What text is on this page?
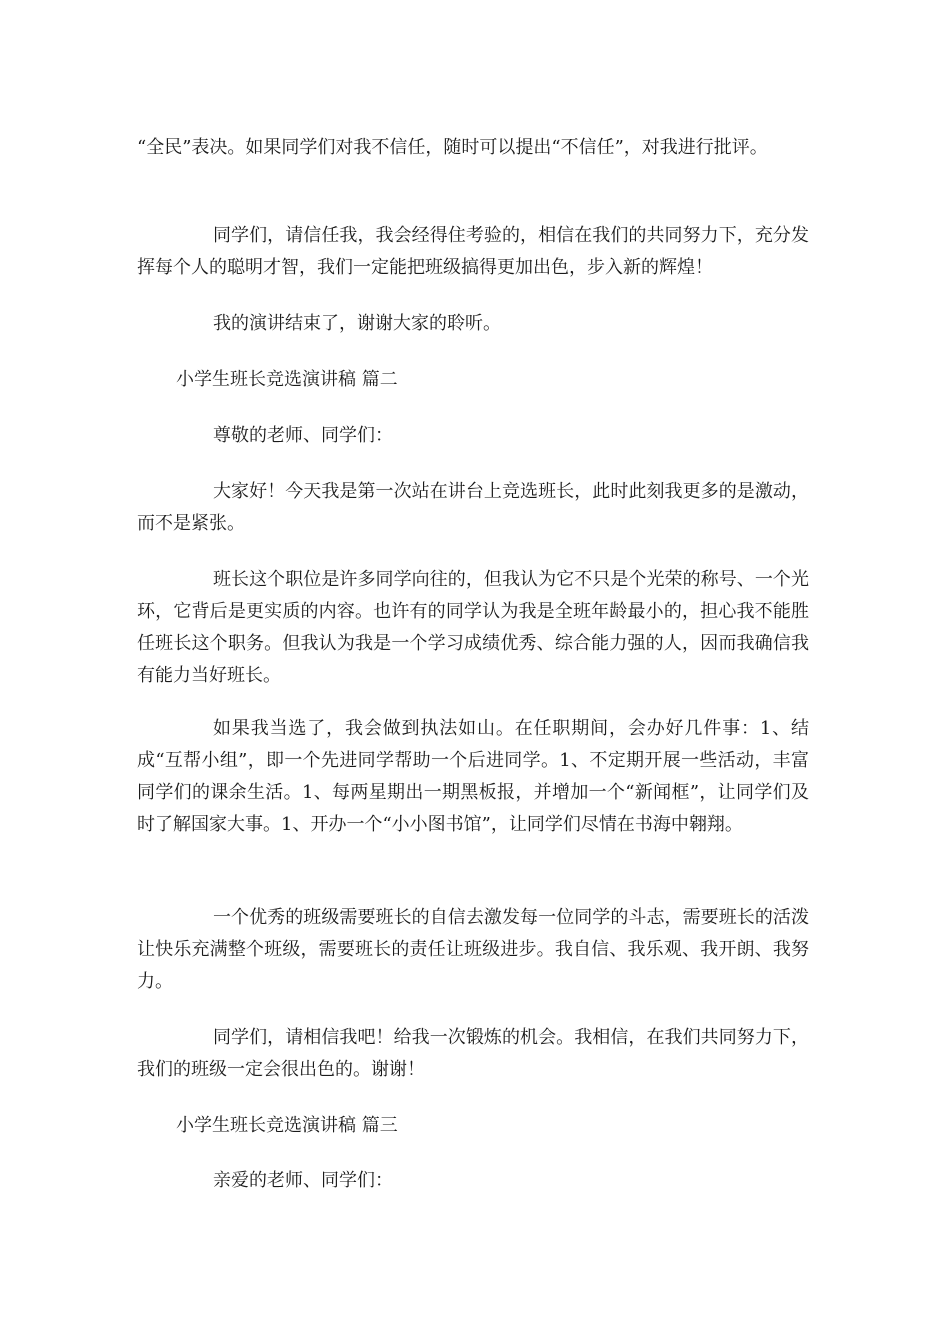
“全民”表决。如果同学们对我不信任，随时可以提出“不信任”，对我进行批评。
同学们，请信任我，我会经得住考验的，相信在我们的共同努力下，充分发挥每个人的聪明才智，我们一定能把班级搞得更加出色，步入新的辉煌！
我的演讲结束了，谢谢大家的聆听。
小学生班长竞选演讲稿 篇二
尊敬的老师、同学们：
大家好！今天我是第一次站在讲台上竞选班长，此时此刻我更多的是激动，而不是紧张。
班长这个职位是许多同学向往的，但我认为它不只是个光荣的称号、一个光环，它背后是更实质的内容。也许有的同学认为我是全班年龄最小的，担心我不能胜任班长这个职务。但我认为我是一个学习成绩优秀、综合能力强的人，因而我确信我有能力当好班长。
如果我当选了，我会做到执法如山。在任职期间，会办好几件事：1、结成“互帮小组”，即一个先进同学帮助一个后进同学。1、不定期开展一些活动，丰富同学们的课余生活。1、每两星期出一期黑板报，并增加一个“新闻框”，让同学们及时了解国家大事。1、开办一个“小小图书馆”，让同学们尽情在书海中翱翔。
一个优秀的班级需要班长的自信去激发每一位同学的斗志，需要班长的活泼让快乐充满整个班级，需要班长的责任让班级进步。我自信、我乐观、我开朗、我努力。
同学们，请相信我吧！给我一次锻炼的机会。我相信，在我们共同努力下，我们的班级一定会很出色的。谢谢！
小学生班长竞选演讲稿 篇三
亲爱的老师、同学们：
